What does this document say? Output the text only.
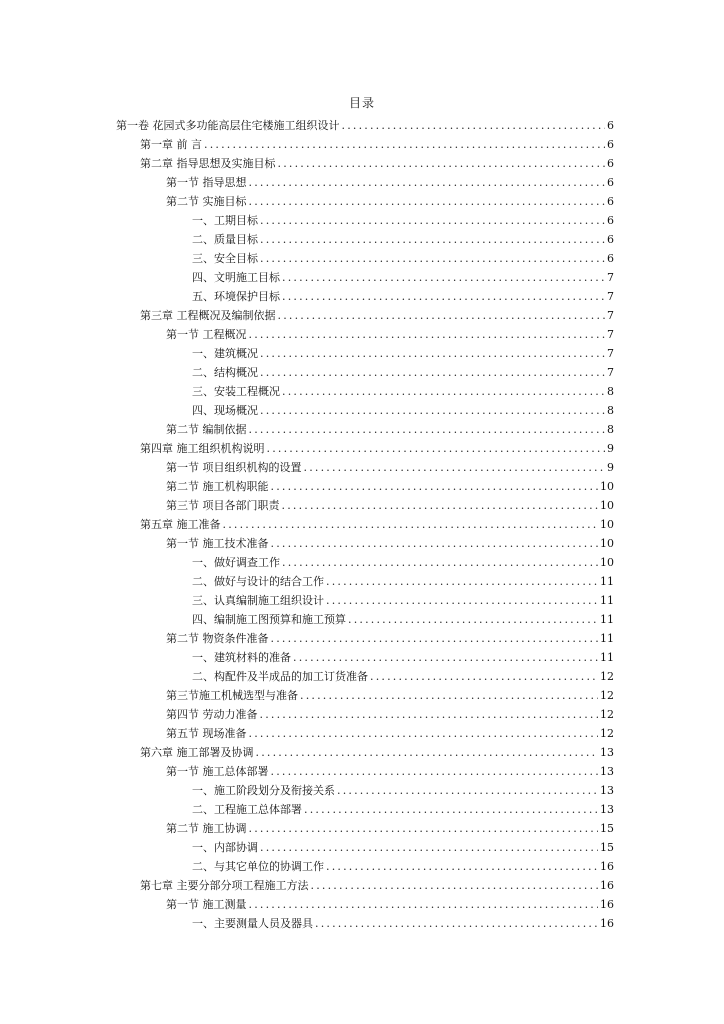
目录
第一卷 花园式多功能高层住宅楼施工组织设计 .....	6
第一章 前 言 .....	6
第二章 指导思想及实施目标 .....	6
第一节 指导思想 .....	6
第二节 实施目标 .....	6
一、工期目标 .....	6
二、质量目标 .....	6
三、安全目标 .....	6
四、文明施工目标 .....	7
五、环境保护目标 .....	7
第三章 工程概况及编制依据 .....	7
第一节 工程概况 .....	7
一、建筑概况 .....	7
二、结构概况 .....	7
三、安装工程概况 .....	8
四、现场概况 .....	8
第二节 编制依据 .....	8
第四章 施工组织机构说明 .....	9
第一节 项目组织机构的设置 .....	9
第二节 施工机构职能 .....	10
第三节 项目各部门职责 .....	10
第五章 施工准备 .....	10
第一节 施工技术准备 .....	10
一、做好调查工作 .....	10
二、做好与设计的结合工作 .....	11
三、认真编制施工组织设计 .....	11
四、编制施工图预算和施工预算 .....	11
第二节 物资条件准备 .....	11
一、建筑材料的准备 .....	11
二、构配件及半成品的加工订货准备 .....	12
第三节施工机械选型与准备 .....	12
第四节 劳动力准备 .....	12
第五节 现场准备 .....	12
第六章 施工部署及协调 .....	13
第一节 施工总体部署 .....	13
一、施工阶段划分及衔接关系 .....	13
二、工程施工总体部署 .....	13
第二节 施工协调 .....	15
一、内部协调 .....	15
二、与其它单位的协调工作 .....	16
第七章 主要分部分项工程施工方法 .....	16
第一节 施工测量 .....	16
一、主要测量人员及器具 .....	16
